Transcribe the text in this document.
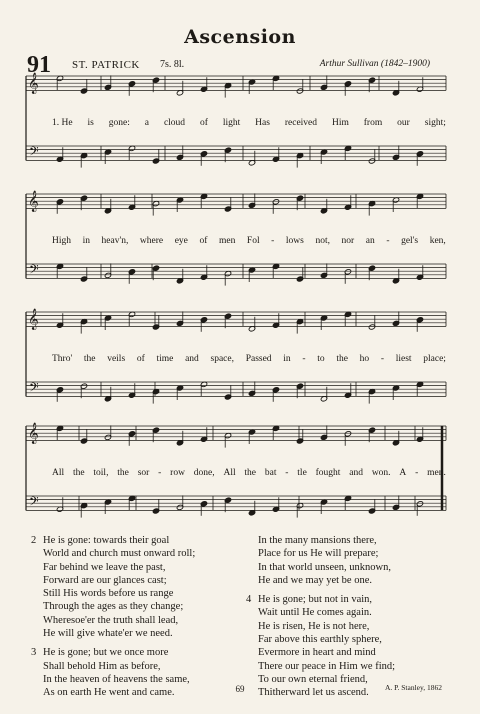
Ascension
91 ST. PATRICK 7s. 8l.	Arthur Sullivan (1842–1900)
𝄞
𝄢
𝄞
𝄢
𝄞
𝄢
𝄞
𝄢
1. He is gone: a cloud of light Has received Him from our sight;
High in heav'n, where eye of men Fol - lows not, nor an - gel's ken,
Thro' the veils of time and space, Passed in - to the ho - liest place;
All the toil, the sor - row done, All the bat - tle fought and won. A - men.
2 He is gone: towards their goal
World and church must onward roll;
Far behind we leave the past,
Forward are our glances cast;
Still His words before us range
Through the ages as they change;
Wheresoe'er the truth shall lead,
He will give whate'er we need.
3 He is gone; but we once more
Shall behold Him as before,
In the heaven of heavens the same,
As on earth He went and came.
In the many mansions there,
Place for us He will prepare;
In that world unseen, unknown,
He and we may yet be one.
4 He is gone; but not in vain,
Wait until He comes again.
He is risen, He is not here,
Far above this earthly sphere,
Evermore in heart and mind
There our peace in Him we find;
To our own eternal friend,
Thitherward let us ascend.
69	A. P. Stanley, 1862
